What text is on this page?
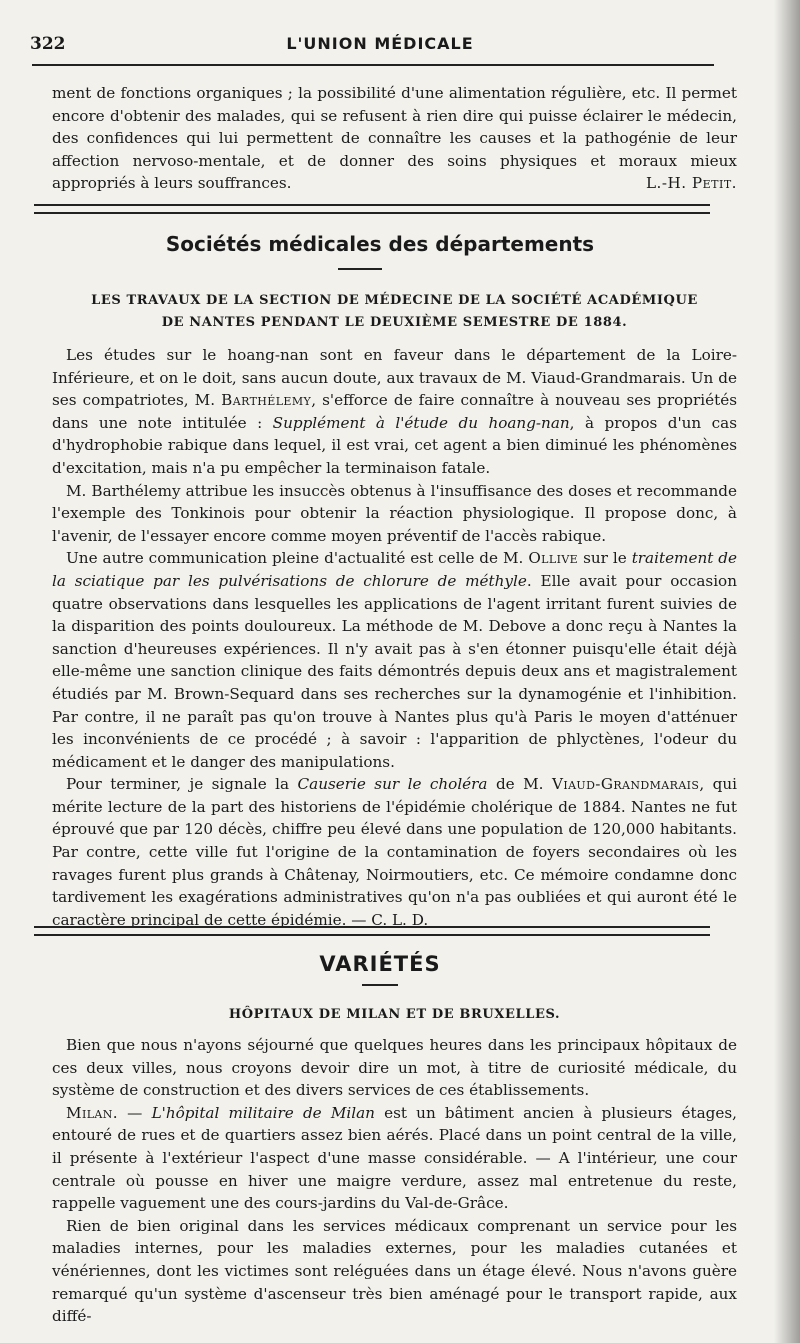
322	L'UNION MÉDICALE

ment de fonctions organiques ; la possibilité d'une alimentation régulière, etc. Il permet encore d'obtenir des malades, qui se refusent à rien dire qui puisse éclairer le médecin, des confidences qui lui permettent de connaître les causes et la pathogénie de leur affection nervoso-mentale, et de donner des soins physiques et moraux mieux appropriés à leurs souffrances.	L.-H. Petit.

Sociétés médicales des départements
LES TRAVAUX DE LA SECTION DE MÉDECINE DE LA SOCIÉTÉ ACADÉMIQUE
DE NANTES PENDANT LE DEUXIÈME SEMESTRE DE 1884.

Les études sur le hoang-nan sont en faveur dans le département de la Loire-Inférieure, et on le doit, sans aucun doute, aux travaux de M. Viaud-Grandmarais. Un de ses compatriotes, M. Barthélemy, s'efforce de faire connaître à nouveau ses propriétés dans une note intitulée : Supplément à l'étude du hoang-nan, à propos d'un cas d'hydrophobie rabique dans lequel, il est vrai, cet agent a bien diminué les phénomènes d'excitation, mais n'a pu empêcher la terminaison fatale.

M. Barthélemy attribue les insuccès obtenus à l'insuffisance des doses et recommande l'exemple des Tonkinois pour obtenir la réaction physiologique. Il propose donc, à l'avenir, de l'essayer encore comme moyen préventif de l'accès rabique.

Une autre communication pleine d'actualité est celle de M. Ollive sur le traitement de la sciatique par les pulvérisations de chlorure de méthyle. Elle avait pour occasion quatre observations dans lesquelles les applications de l'agent irritant furent suivies de la disparition des points douloureux. La méthode de M. Debove a donc reçu à Nantes la sanction d'heureuses expériences. Il n'y avait pas à s'en étonner puisqu'elle était déjà elle-même une sanction clinique des faits démontrés depuis deux ans et magistralement étudiés par M. Brown-Sequard dans ses recherches sur la dynamogénie et l'inhibition. Par contre, il ne paraît pas qu'on trouve à Nantes plus qu'à Paris le moyen d'atténuer les inconvénients de ce procédé ; à savoir : l'apparition de phlyctènes, l'odeur du médicament et le danger des manipulations.

Pour terminer, je signale la Causerie sur le choléra de M. Viaud-Grandmarais, qui mérite lecture de la part des historiens de l'épidémie cholérique de 1884. Nantes ne fut éprouvé que par 120 décès, chiffre peu élevé dans une population de 120,000 habitants. Par contre, cette ville fut l'origine de la contamination de foyers secondaires où les ravages furent plus grands à Châtenay, Noirmoutiers, etc. Ce mémoire condamne donc tardivement les exagérations administratives qu'on n'a pas oubliées et qui auront été le caractère principal de cette épidémie. — C. L. D.

VARIÉTÉS
HÔPITAUX DE MILAN ET DE BRUXELLES.

Bien que nous n'ayons séjourné que quelques heures dans les principaux hôpitaux de ces deux villes, nous croyons devoir dire un mot, à titre de curiosité médicale, du système de construction et des divers services de ces établissements.

Milan. — L'hôpital militaire de Milan est un bâtiment ancien à plusieurs étages, entouré de rues et de quartiers assez bien aérés. Placé dans un point central de la ville, il présente à l'extérieur l'aspect d'une masse considérable. — A l'intérieur, une cour centrale où pousse en hiver une maigre verdure, assez mal entretenue du reste, rappelle vaguement une des cours-jardins du Val-de-Grâce.

Rien de bien original dans les services médicaux comprenant un service pour les maladies internes, pour les maladies externes, pour les maladies cutanées et vénériennes, dont les victimes sont reléguées dans un étage élevé. Nous n'avons guère remarqué qu'un système d'ascenseur très bien aménagé pour le transport rapide, aux diffé-
